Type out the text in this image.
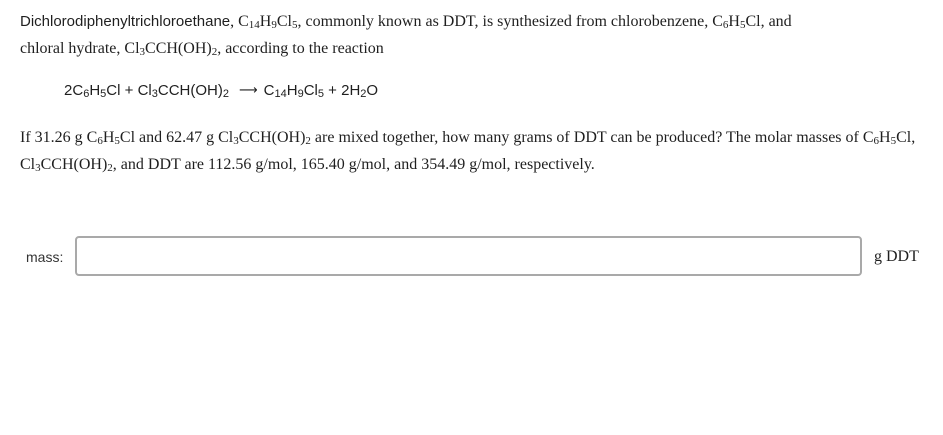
Dichlorodiphenyltrichloroethane, $C_{14}H_9Cl_5$, commonly known as DDT, is synthesized from chlorobenzene, $C_6H_5Cl$, and
chloral hydrate, $Cl_3CCH(OH)_2$, according to the reaction

$2C_6H_5Cl + Cl_3CCH(OH)_2$ ⟶ $C_{14}H_9Cl_5 + 2H_2O$
If 31.26 g $C_6H_5Cl$ and 62.47 g $Cl_3CCH(OH)_2$ are mixed together, how many grams of DDT can be produced? The molar masses of $C_6H_5Cl$, $Cl_3CCH(OH)_2$, and DDT are 112.56 g/mol, 165.40 g/mol, and 354.49 g/mol, respectively.
mass:	g DDT
